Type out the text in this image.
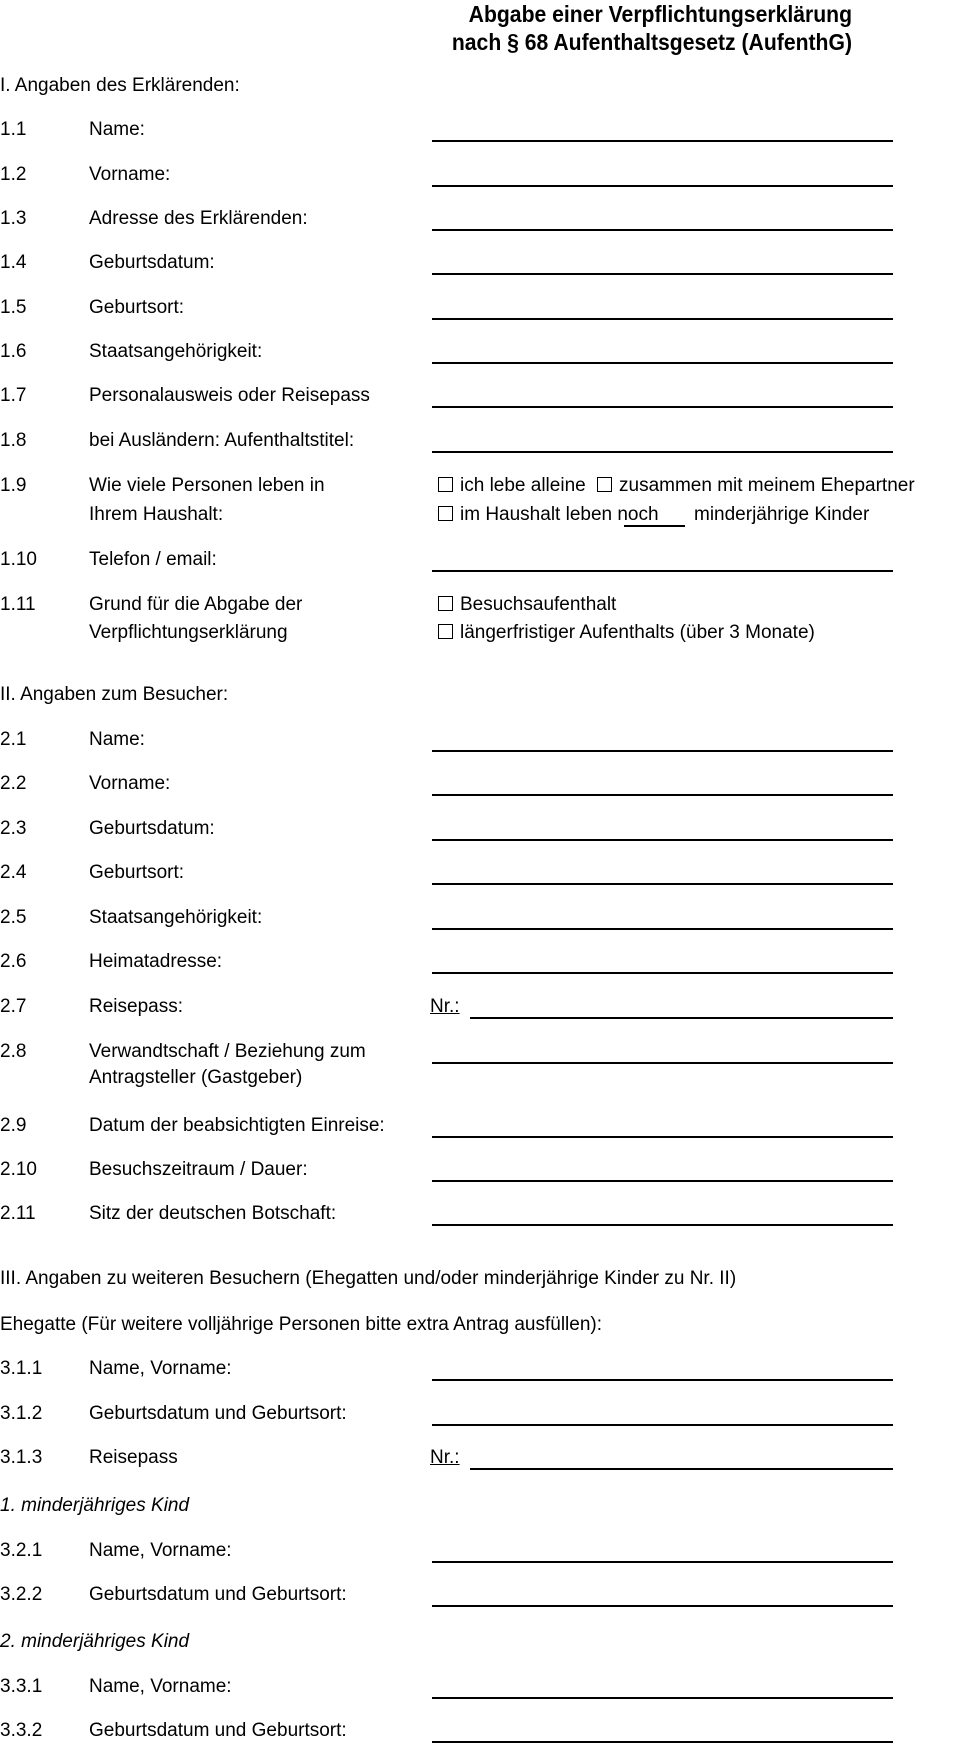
Abgabe einer Verpflichtungserklärung
nach § 68 Aufenthaltsgesetz (AufenthG)
I. Angaben des Erklärenden:
1.1	Name:
1.2	Vorname:
1.3	Adresse des Erklärenden:
1.4	Geburtsdatum:
1.5	Geburtsort:
1.6	Staatsangehörigkeit:
1.7	Personalausweis oder Reisepass
1.8	bei Ausländern: Aufenthaltstitel:
1.9	Wie viele Personen leben in	ich lebe alleine zusammen mit meinem Ehepartner
Ihrem Haushalt:	im Haushalt leben noch minderjährige Kinder
1.10	Telefon / email:
1.11	Grund für die Abgabe der	Besuchsaufenthalt
Verpflichtungserklärung	längerfristiger Aufenthalts (über 3 Monate)
II. Angaben zum Besucher:
2.1	Name:
2.2	Vorname:
2.3	Geburtsdatum:
2.4	Geburtsort:
2.5	Staatsangehörigkeit:
2.6	Heimatadresse:
2.7	Reisepass:	Nr.:
2.8	Verwandtschaft / Beziehung zum
Antragsteller (Gastgeber)
2.9	Datum der beabsichtigten Einreise:
2.10	Besuchszeitraum / Dauer:
2.11	Sitz der deutschen Botschaft:
III. Angaben zu weiteren Besuchern (Ehegatten und/oder minderjährige Kinder zu Nr. II)
Ehegatte (Für weitere volljährige Personen bitte extra Antrag ausfüllen):
3.1.1 Name, Vorname:
3.1.2 Geburtsdatum und Geburtsort:
3.1.3 Reisepass	Nr.:
1. minderjähriges Kind
3.2.1 Name, Vorname:
3.2.2 Geburtsdatum und Geburtsort:
2. minderjähriges Kind
3.3.1 Name, Vorname:
3.3.2 Geburtsdatum und Geburtsort:
